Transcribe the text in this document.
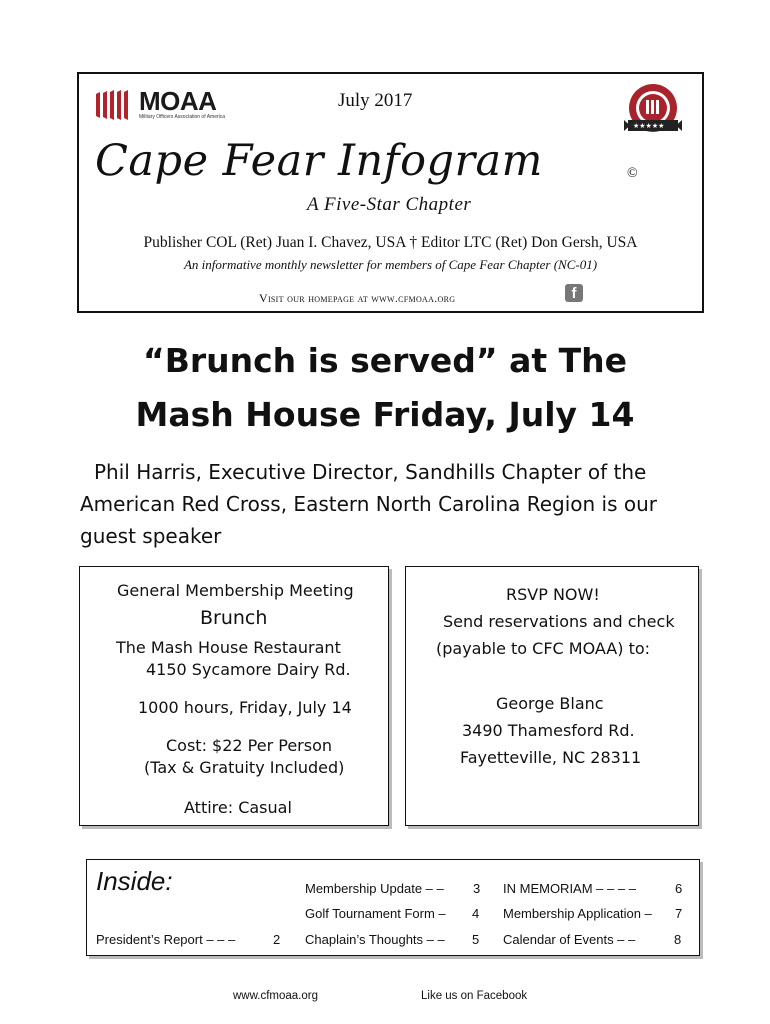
MOAA
Military Officers Association of America
July 2017
★★★★★
Cape Fear Infogram	©
A Five-Star Chapter
Publisher COL (Ret) Juan I. Chavez, USA † Editor LTC (Ret) Don Gersh, USA
An informative monthly newsletter for members of Cape Fear Chapter (NC-01)
Visit our homepage at www.cfmoaa.org	f
“Brunch is served” at The
Mash House Friday, July 14
Phil Harris, Executive Director, Sandhills Chapter of the American Red Cross, Eastern North Carolina Region is our guest speaker

General Membership Meeting

Brunch

The Mash House Restaurant

4150 Sycamore Dairy Rd.

1000 hours, Friday, July 14

Cost: $22 Per Person

(Tax & Gratuity Included)

Attire: Casual

RSVP NOW!

Send reservations and check

(payable to CFC MOAA) to:

George Blanc

3490 Thamesford Rd.

Fayetteville, NC 28311

Inside:	Membership Update – – 3 IN MEMORIAM – – – –	6
Golf Tournament Form – 4 Membership Application – 7
President’s Report – – –	2 Chaplain’s Thoughts – – 5 Calendar of Events – –	8
www.cfmoaa.org	Like us on Facebook
